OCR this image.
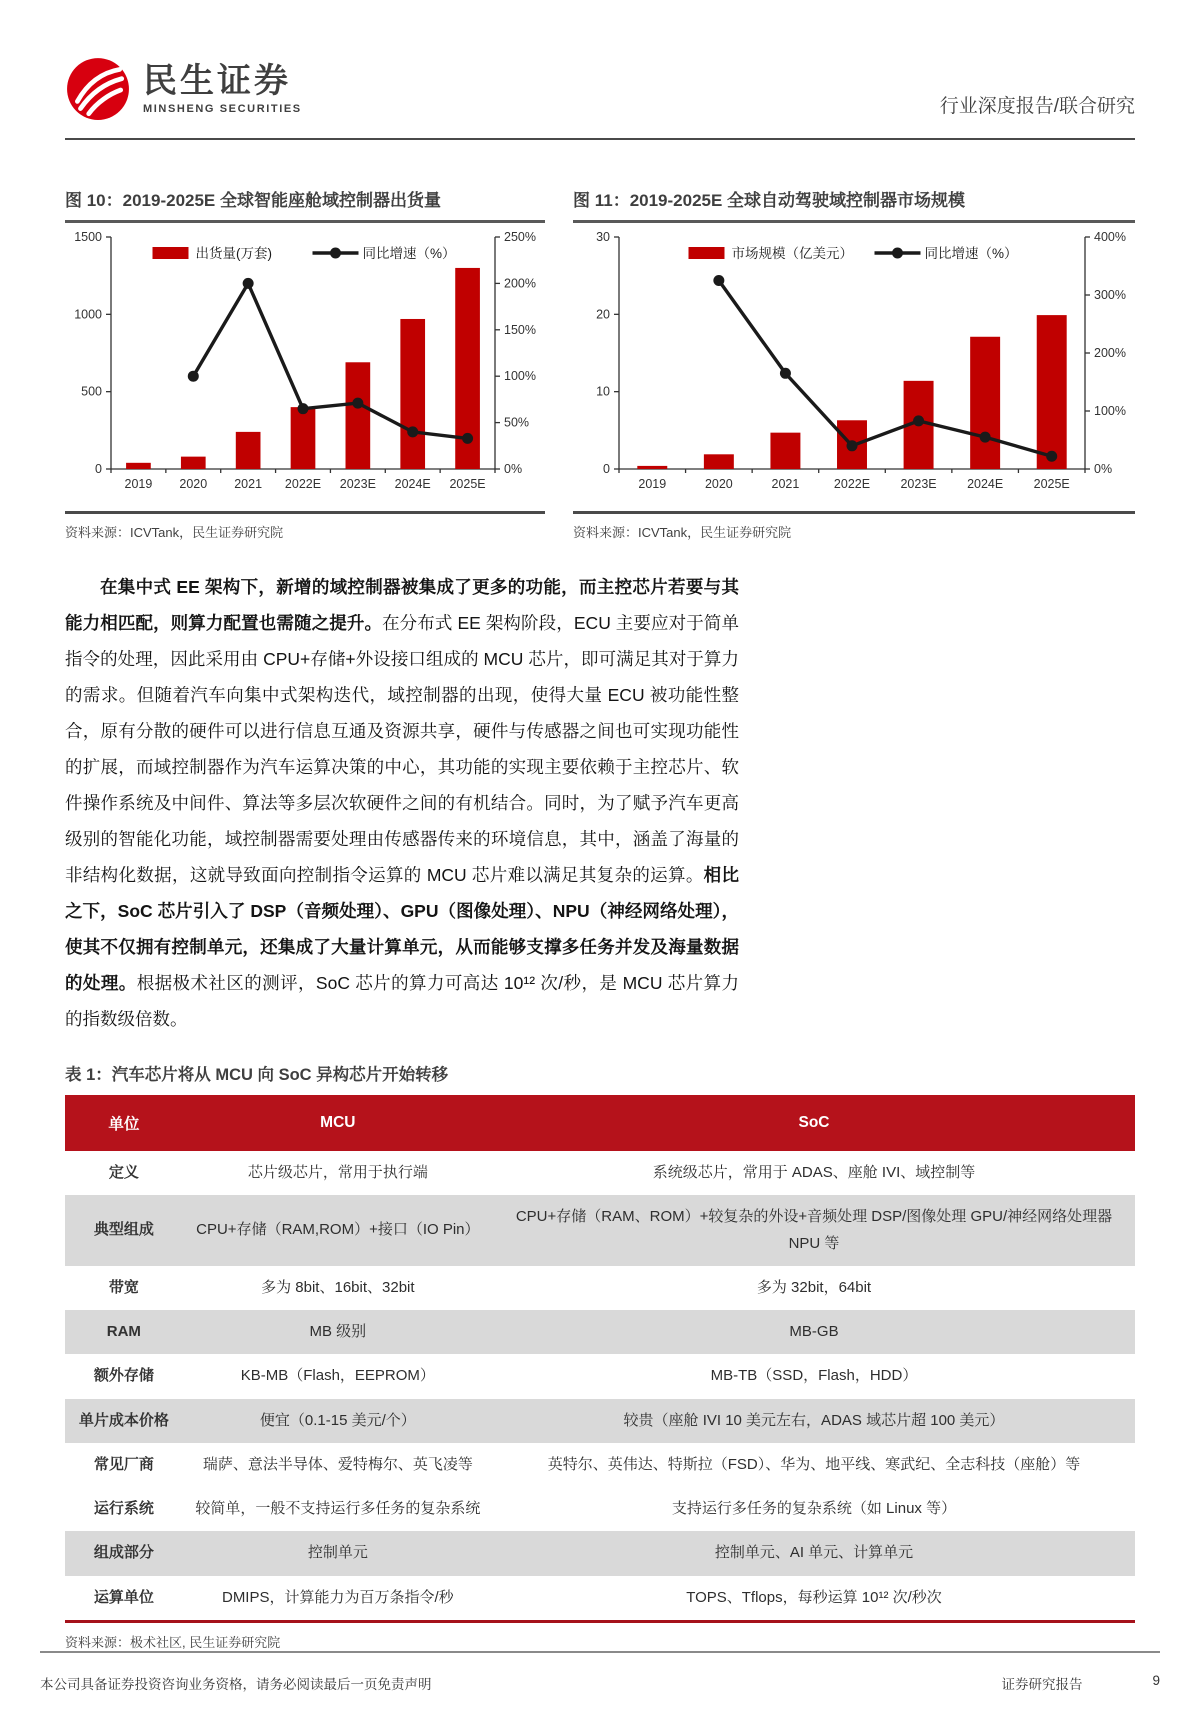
民生证券
MINSHENG SECURITIES	行业深度报告/联合研究
图 10：2019-2025E 全球智能座舱域控制器出货量
0
500
1000
1500
0%
50%
100%
150%
200%
250%
2019 2020 2021 2022E 2023E 2024E 2025E
出货量(万套)	同比增速（%）
资料来源：ICVTank，民生证券研究院
图 11：2019-2025E 全球自动驾驶域控制器市场规模
0
10
20
30
0%
100%
200%
300%
400%
2019	2020	2021	2022E 2023E 2024E 2025E
市场规模（亿美元）	同比增速（%）
资料来源：ICVTank，民生证券研究院

在集中式 EE 架构下，新增的域控制器被集成了更多的功能，而主控芯片若要与其能力相匹配，则算力配置也需随之提升。在分布式 EE 架构阶段，ECU 主要应对于简单指令的处理，因此采用由 CPU+存储+外设接口组成的 MCU 芯片，即可满足其对于算力的需求。但随着汽车向集中式架构迭代，域控制器的出现，使得大量 ECU 被功能性整合，原有分散的硬件可以进行信息互通及资源共享，硬件与传感器之间也可实现功能性的扩展，而域控制器作为汽车运算决策的中心，其功能的实现主要依赖于主控芯片、软件操作系统及中间件、算法等多层次软硬件之间的有机结合。同时，为了赋予汽车更高级别的智能化功能，域控制器需要处理由传感器传来的环境信息，其中，涵盖了海量的非结构化数据，这就导致面向控制指令运算的 MCU 芯片难以满足其复杂的运算。相比之下，SoC 芯片引入了 DSP（音频处理）、GPU（图像处理）、NPU（神经网络处理），使其不仅拥有控制单元，还集成了大量计算单元，从而能够支撑多任务并发及海量数据的处理。根据极术社区的测评，SoC 芯片的算力可高达 10¹² 次/秒，是 MCU 芯片算力的指数级倍数。

表 1：汽车芯片将从 MCU 向 SoC 异构芯片开始转移
单位	MCU	SoC
定义	芯片级芯片，常用于执行端	系统级芯片，常用于 ADAS、座舱 IVI、域控制等
典型组成	CPU+存储（RAM,ROM）+接口（IO Pin）	CPU+存储（RAM、ROM）+较复杂的外设+音频处理 DSP/图像处理 GPU/神经网络处理器 NPU 等
带宽	多为 8bit、16bit、32bit	多为 32bit，64bit
RAM	MB 级别	MB-GB
额外存储	KB-MB（Flash，EEPROM）	MB-TB（SSD，Flash，HDD）
单片成本价格	便宜（0.1-15 美元/个）	较贵（座舱 IVI 10 美元左右，ADAS 域芯片超 100 美元）
常见厂商	瑞萨、意法半导体、爱特梅尔、英飞凌等	英特尔、英伟达、特斯拉（FSD）、华为、地平线、寒武纪、全志科技（座舱）等
运行系统	较简单，一般不支持运行多任务的复杂系统	支持运行多任务的复杂系统（如 Linux 等）
组成部分	控制单元	控制单元、AI 单元、计算单元
运算单位	DMIPS，计算能力为百万条指令/秒	TOPS、Tflops，每秒运算 10¹² 次/秒次
资料来源：极术社区, 民生证券研究院
本公司具备证券投资咨询业务资格，请务必阅读最后一页免责声明	证券研究报告	9
